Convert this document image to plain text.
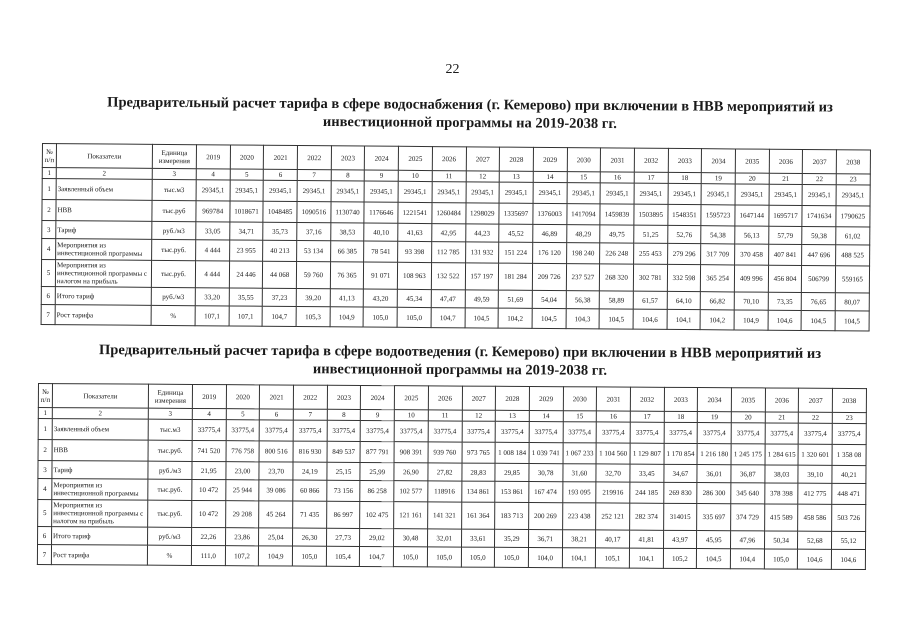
22
Предварительный расчет тарифа в сфере водоснабжения (г. Кемерово) при включении в НВВ мероприятий из инвестиционной программы на 2019-2038 гг.
№ п/п	Показатели	Единица измерения	2019	2020	2021	2022	2023	2024	2025	2026	2027	2028	2029	2030	2031	2032	2033	2034	2035	2036	2037	2038
1	2	3	4	5	6	7	8	9	10	11	12	13	14	15	16	17	18	19	20	21	22	23
1	Заявленный объем	тыс.м3	29345,1	29345,1	29345,1	29345,1	29345,1	29345,1	29345,1	29345,1	29345,1	29345,1	29345,1	29345,1	29345,1	29345,1	29345,1	29345,1	29345,1	29345,1	29345,1	29345,1
2	НВВ	тыс.руб	969784	1018671	1048485	1090516	1130740	1176646	1221541	1260484	1298029	1335697	1376003	1417094	1459839	1503895	1548351	1595723	1647144	1695717	1741634	1790625
3	Тариф	руб./м3	33,05	34,71	35,73	37,16	38,53	40,10	41,63	42,95	44,23	45,52	46,89	48,29	49,75	51,25	52,76	54,38	56,13	57,79	59,38	61,02
4	Мероприятия из инвестиционной программы	тыс.руб.	4 444	23 955	40 213	53 134	66 385	78 541	93 398	112 785	131 932	151 224	176 120	198 240	226 248	255 453	279 296	317 709	370 458	407 841	447 696	488 525
5	Мероприятия из инвестиционной программы с налогом на прибыль	тыс.руб.	4 444	24 446	44 068	59 760	76 365	91 071	108 963	132 522	157 197	181 284	209 726	237 527	268 320	302 781	332 598	365 254	409 996	456 804	506799	559165
6	Итого тариф	руб./м3	33,20	35,55	37,23	39,20	41,13	43,20	45,34	47,47	49,59	51,69	54,04	56,38	58,89	61,57	64,10	66,82	70,10	73,35	76,65	80,07
7	Рост тарифа	%	107,1	107,1	104,7	105,3	104,9	105,0	105,0	104,7	104,5	104,2	104,5	104,3	104,5	104,6	104,1	104,2	104,9	104,6	104,5	104,5
Предварительный расчет тарифа в сфере водоотведения (г. Кемерово) при включении в НВВ мероприятий из инвестиционной программы на 2019-2038 гг.
№ п/п	Показатели	Единица измерения	2019	2020	2021	2022	2023	2024	2025	2026	2027	2028	2029	2030	2031	2032	2033	2034	2035	2036	2037	2038
1	2	3	4	5	6	7	8	9	10	11	12	13	14	15	16	17	18	19	20	21	22	23
1	Заявленный объем	тыс.м3	33775,4	33775,4	33775,4	33775,4	33775,4	33775,4	33775,4	33775,4	33775,4	33775,4	33775,4	33775,4	33775,4	33775,4	33775,4	33775,4	33775,4	33775,4	33775,4	33775,4
2	НВВ	тыс.руб.	741 520	776 758	800 516	816 930	849 537	877 791	908 391	939 760	973 765	1 008 184	1 039 741	1 067 233	1 104 560	1 129 807	1 170 854	1 216 180	1 245 175	1 284 615	1 320 601	1 358 08
3	Тариф	руб./м3	21,95	23,00	23,70	24,19	25,15	25,99	26,90	27,82	28,83	29,85	30,78	31,60	32,70	33,45	34,67	36,01	36,87	38,03	39,10	40,21
4	Мероприятия из инвестиционной программы	тыс.руб.	10 472	25 944	39 086	60 866	73 156	86 258	102 577	118916	134 861	153 861	167 474	193 095	219916	244 185	269 830	286 300	345 640	378 398	412 775	448 471
5	Мероприятия из инвестиционной программы с налогом на прибыль	тыс.руб.	10 472	29 208	45 264	71 435	86 997	102 475	121 161	141 321	161 364	183 713	200 269	223 438	252 121	282 374	314015	335 697	374 729	415 589	458 586	503 726
6	Итого тариф	руб./м3	22,26	23,86	25,04	26,30	27,73	29,02	30,48	32,01	33,61	35,29	36,71	38,21	40,17	41,81	43,97	45,95	47,96	50,34	52,68	55,12
7	Рост тарифа	%	111,0	107,2	104,9	105,0	105,4	104,7	105,0	105,0	105,0	105,0	104,0	104,1	105,1	104,1	105,2	104,5	104,4	105,0	104,6	104,6
